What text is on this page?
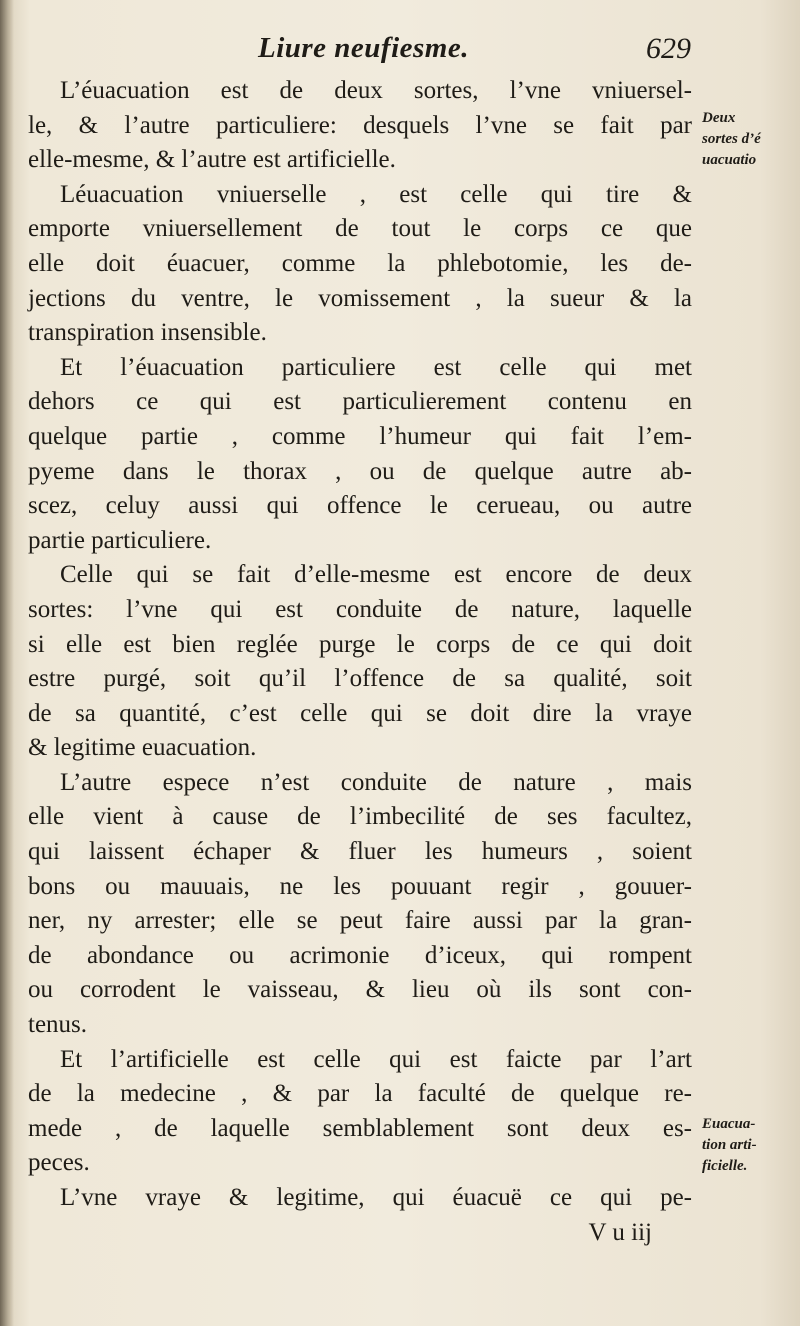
Liure neufiesme.	629
L’éuacuation est de deux sortes, l’vne vniuersel-
le, & l’autre particuliere: desquels l’vne se fait par
elle-mesme, & l’autre est artificielle.
Léuacuation vniuerselle , est celle qui tire &
emporte vniuersellement de tout le corps ce que
elle doit éuacuer, comme la phlebotomie, les de-
jections du ventre, le vomissement , la sueur & la
transpiration insensible.
Et l’éuacuation particuliere est celle qui met
dehors ce qui est particulierement contenu en
quelque partie , comme l’humeur qui fait l’em-
pyeme dans le thorax , ou de quelque autre ab-
scez, celuy aussi qui offence le cerueau, ou autre
partie particuliere.
Celle qui se fait d’elle-mesme est encore de deux
sortes: l’vne qui est conduite de nature, laquelle
si elle est bien reglée purge le corps de ce qui doit
estre purgé, soit qu’il l’offence de sa qualité, soit
de sa quantité, c’est celle qui se doit dire la vraye
& legitime euacuation.
L’autre espece n’est conduite de nature , mais
elle vient à cause de l’imbecilité de ses facultez,
qui laissent échaper & fluer les humeurs , soient
bons ou mauuais, ne les pouuant regir , gouuer-
ner, ny arrester; elle se peut faire aussi par la gran-
de abondance ou acrimonie d’iceux, qui rompent
ou corrodent le vaisseau, & lieu où ils sont con-
tenus.
Et l’artificielle est celle qui est faicte par l’art
de la medecine , & par la faculté de quelque re-
mede , de laquelle semblablement sont deux es-
peces.
L’vne vraye & legitime, qui éuacuë ce qui pe-
V u iij
Deux
sortes d’é
uacuatio
Euacua-
tion arti-
ficielle.
